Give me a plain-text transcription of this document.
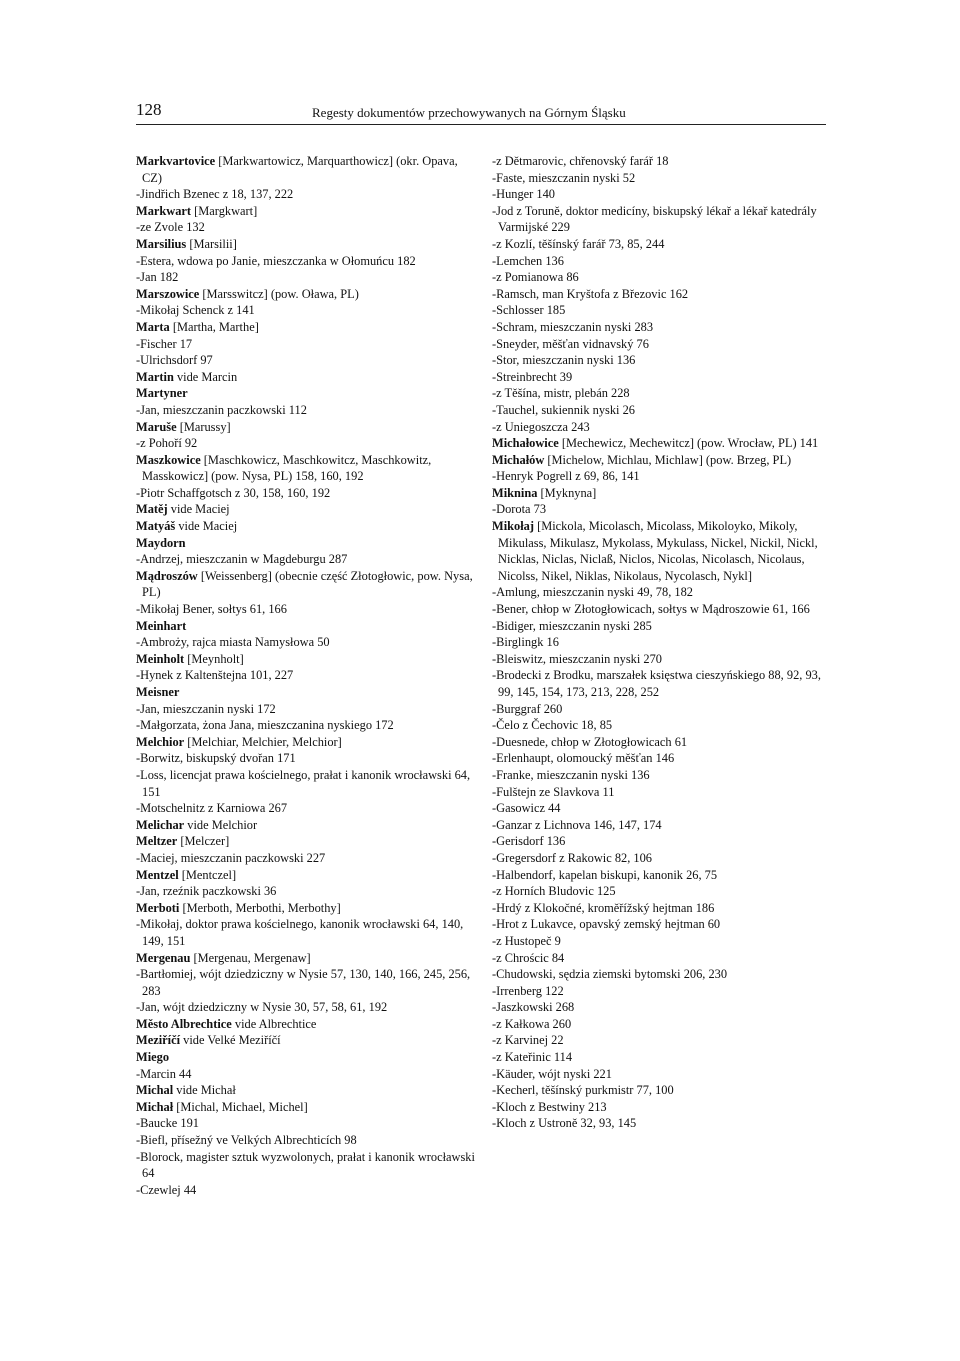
128	Regesty dokumentów przechowywanych na Górnym Śląsku
Markvartovice [Markwartowicz, Marquarthowicz] (okr. Opava, CZ)
-Jindřich Bzenec z 18, 137, 222
Markwart [Margkwart]
-ze Zvole 132
Marsilius [Marsilii]
-Estera, wdowa po Janie, mieszczanka w Ołomuńcu 182
-Jan 182
Marszowice [Marsswitcz] (pow. Oława, PL)
-Mikołaj Schenck z 141
Marta [Martha, Marthe]
-Fischer 17
-Ulrichsdorf 97
Martin vide Marcin
Martyner
-Jan, mieszczanin paczkowski 112
Maruše [Marussy]
-z Pohoří 92
Maszkowice [Maschkowicz, Maschkowitcz, Maschkowitz, Masskowicz] (pow. Nysa, PL) 158, 160, 192
-Piotr Schaffgotsch z 30, 158, 160, 192
Matěj vide Maciej
Matyáš vide Maciej
Maydorn
-Andrzej, mieszczanin w Magdeburgu 287
Mądroszów [Weissenberg] (obecnie część Złotogłowic, pow. Nysa, PL)
-Mikołaj Bener, sołtys 61, 166
Meinhart
-Ambroży, rajca miasta Namysłowa 50
Meinholt [Meynholt]
-Hynek z Kaltenštejna 101, 227
Meisner
-Jan, mieszczanin nyski 172
-Małgorzata, żona Jana, mieszczanina nyskiego 172
Melchior [Melchiar, Melchier, Melchior]
-Borwitz, biskupský dvořan 171
-Loss, licencjat prawa kościelnego, prałat i kanonik wrocławski 64, 151
-Motschelnitz z Karniowa 267
Melichar vide Melchior
Meltzer [Melczer]
-Maciej, mieszczanin paczkowski 227
Mentzel [Mentczel]
-Jan, rzeźnik paczkowski 36
Merboti [Merboth, Merbothi, Merbothy]
-Mikołaj, doktor prawa kościelnego, kanonik wrocławski 64, 140, 149, 151
Mergenau [Mergenau, Mergenaw]
-Bartłomiej, wójt dziedziczny w Nysie 57, 130, 140, 166, 245, 256, 283
-Jan, wójt dziedziczny w Nysie 30, 57, 58, 61, 192
Město Albrechtice vide Albrechtice
Meziříčí vide Velké Meziříčí
Miego
-Marcin 44
Michal vide Michał
Michał [Michal, Michael, Michel]
-Baucke 191
-Biefl, přísežný ve Velkých Albrechticích 98
-Blorock, magister sztuk wyzwolonych, prałat i kanonik wrocławski 64
-Czewlej 44
-z Dětmarovic, chřenovský farář 18
-Faste, mieszczanin nyski 52
-Hunger 140
-Jod z Toruně, doktor medicíny, biskupský lékař a lékař katedrály Varmijské 229
-z Kozlí, těšínský farář 73, 85, 244
-Lemchen 136
-z Pomianowa 86
-Ramsch, man Kryštofa z Březovic 162
-Schlosser 185
-Schram, mieszczanin nyski 283
-Sneyder, měšťan vidnavský 76
-Stor, mieszczanin nyski 136
-Streinbrecht 39
-z Těšína, mistr, plebán 228
-Tauchel, sukiennik nyski 26
-z Uniegoszcza 243
Michałowice [Mechewicz, Mechewitcz] (pow. Wrocław, PL) 141
Michałów [Michelow, Michlau, Michlaw] (pow. Brzeg, PL)
-Henryk Pogrell z 69, 86, 141
Miknina [Myknyna]
-Dorota 73
Mikołaj [Mickola, Micolasch, Micolass, Mikoloyko, Mikoly, Mikulass, Mikulasz, Mykolass, Mykulass, Nickel, Nickil, Nickl, Nicklas, Niclas, Niclaß, Niclos, Nicolas, Nicolasch, Nicolaus, Nicolss, Nikel, Niklas, Nikolaus, Nycolasch, Nykl]
-Amlung, mieszczanin nyski 49, 78, 182
-Bener, chłop w Złotogłowicach, sołtys w Mądroszowie 61, 166
-Bidiger, mieszczanin nyski 285
-Birglingk 16
-Bleiswitz, mieszczanin nyski 270
-Brodecki z Brodku, marszałek księstwa cieszyńskiego 88, 92, 93, 99, 145, 154, 173, 213, 228, 252
-Burggraf 260
-Čelo z Čechovic 18, 85
-Duesnede, chłop w Złotogłowicach 61
-Erlenhaupt, olomoucký měšťan 146
-Franke, mieszczanin nyski 136
-Fulštejn ze Slavkova 11
-Gasowicz 44
-Ganzar z Lichnova 146, 147, 174
-Gerisdorf 136
-Gregersdorf z Rakowic 82, 106
-Halbendorf, kapelan biskupi, kanonik 26, 75
-z Horních Bludovic 125
-Hrdý z Klokočné, kroměřížský hejtman 186
-Hrot z Lukavce, opavský zemský hejtman 60
-z Hustopeč 9
-z Chrościc 84
-Chudowski, sędzia ziemski bytomski 206, 230
-Irrenberg 122
-Jaszkowski 268
-z Kałkowa 260
-z Karvinej 22
-z Kateřinic 114
-Käuder, wójt nyski 221
-Kecherl, těšínský purkmistr 77, 100
-Kloch z Bestwiny 213
-Kloch z Ustroně 32, 93, 145
